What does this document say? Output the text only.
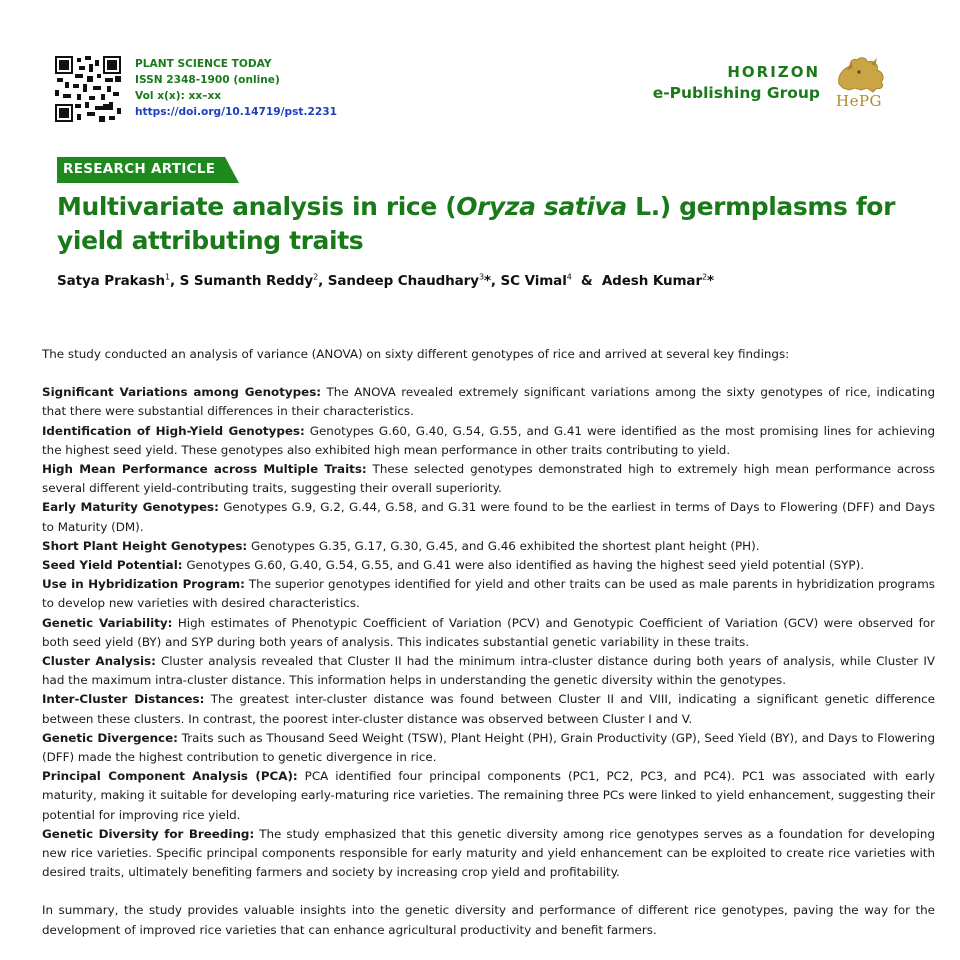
PLANT SCIENCE TODAY
ISSN 2348-1900 (online)
Vol x(x): xx–xx
https://doi.org/10.14719/pst.2231
HORIZON
e-Publishing Group HePG
RESEARCH ARTICLE
Multivariate analysis in rice (Oryza sativa L.) germplasms for yield attributing traits
Satya Prakash$^1$, S Sumanth Reddy$^2$, Sandeep Chaudhary$^3$*, SC Vimal$^4$  &  Adesh Kumar$^2$*

The study conducted an analysis of variance (ANOVA) on sixty different genotypes of rice and arrived at several key findings:

Significant Variations among Genotypes: The ANOVA revealed extremely significant variations among the sixty genotypes of rice, indicating that there were substantial differences in their characteristics.

Identification of High-Yield Genotypes: Genotypes G.60, G.40, G.54, G.55, and G.41 were identified as the most promising lines for achieving the highest seed yield. These genotypes also exhibited high mean performance in other traits contributing to yield.

High Mean Performance across Multiple Traits: These selected genotypes demonstrated high to extremely high mean performance across several different yield-contributing traits, suggesting their overall superiority.

Early Maturity Genotypes: Genotypes G.9, G.2, G.44, G.58, and G.31 were found to be the earliest in terms of Days to Flowering (DFF) and Days to Maturity (DM).

Short Plant Height Genotypes: Genotypes G.35, G.17, G.30, G.45, and G.46 exhibited the shortest plant height (PH).

Seed Yield Potential: Genotypes G.60, G.40, G.54, G.55, and G.41 were also identified as having the highest seed yield potential (SYP).

Use in Hybridization Program: The superior genotypes identified for yield and other traits can be used as male parents in hybridization programs to develop new varieties with desired characteristics.

Genetic Variability: High estimates of Phenotypic Coefficient of Variation (PCV) and Genotypic Coefficient of Variation (GCV) were observed for both seed yield (BY) and SYP during both years of analysis. This indicates substantial genetic variability in these traits.

Cluster Analysis: Cluster analysis revealed that Cluster II had the minimum intra-cluster distance during both years of analysis, while Cluster IV had the maximum intra-cluster distance. This information helps in understanding the genetic diversity within the genotypes.

Inter-Cluster Distances: The greatest inter-cluster distance was found between Cluster II and VIII, indicating a significant genetic difference between these clusters. In contrast, the poorest inter-cluster distance was observed between Cluster I and V.

Genetic Divergence: Traits such as Thousand Seed Weight (TSW), Plant Height (PH), Grain Productivity (GP), Seed Yield (BY), and Days to Flowering (DFF) made the highest contribution to genetic divergence in rice.

Principal Component Analysis (PCA): PCA identified four principal components (PC1, PC2, PC3, and PC4). PC1 was associated with early maturity, making it suitable for developing early-maturing rice varieties. The remaining three PCs were linked to yield enhancement, suggesting their potential for improving rice yield.

Genetic Diversity for Breeding: The study emphasized that this genetic diversity among rice genotypes serves as a foundation for developing new rice varieties. Specific principal components responsible for early maturity and yield enhancement can be exploited to create rice varieties with desired traits, ultimately benefiting farmers and society by increasing crop yield and profitability.

In summary, the study provides valuable insights into the genetic diversity and performance of different rice genotypes, paving the way for the development of improved rice varieties that can enhance agricultural productivity and benefit farmers.
